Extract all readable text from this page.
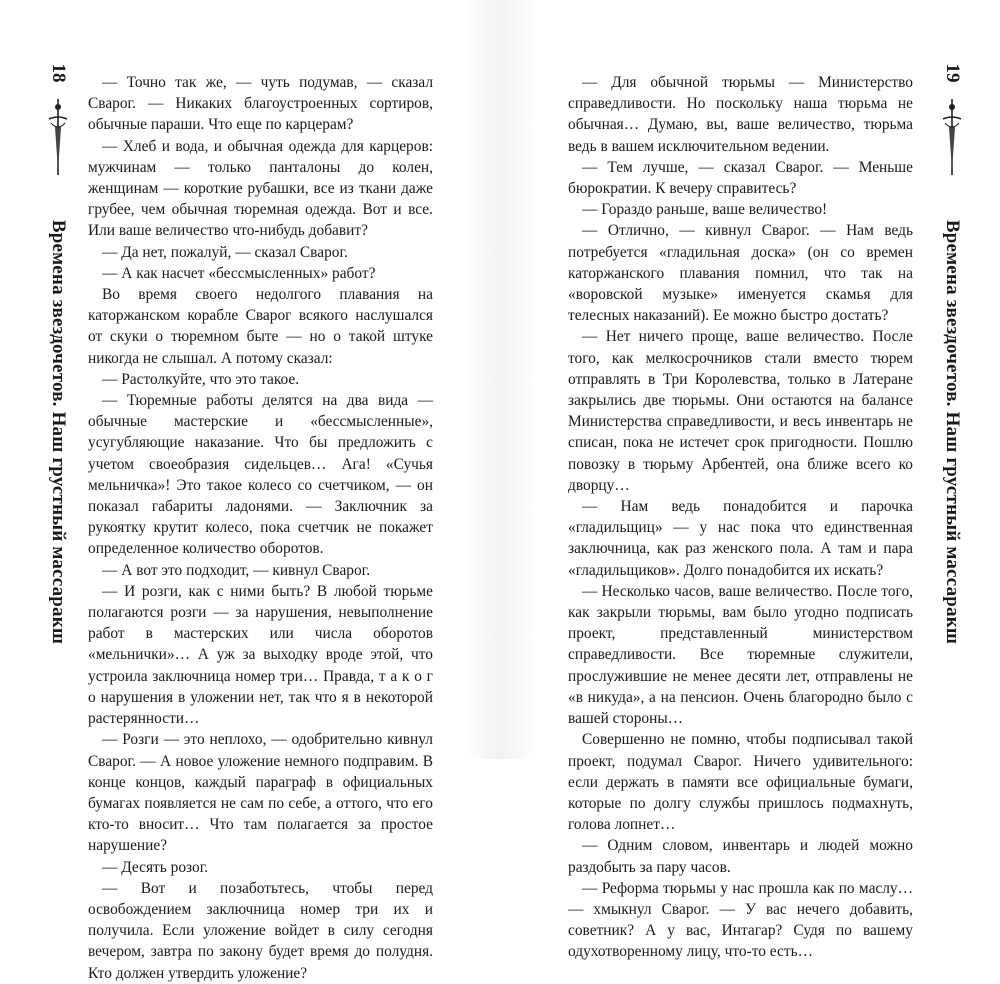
18
Времена звездочетов. Наш грустный массаракш

— Точно так же, — чуть подумав, — сказал Сварог. — Никаких благоустроенных сортиров, обычные параши. Что еще по карцерам?

— Хлеб и вода, и обычная одежда для карцеров: мужчинам — только панталоны до колен, женщинам — короткие рубашки, все из ткани даже грубее, чем обычная тюремная одежда. Вот и все. Или ваше величество что-нибудь добавит?

— Да нет, пожалуй, — сказал Сварог.

— А как насчет «бессмысленных» работ?

Во время своего недолгого плавания на каторжанском корабле Сварог всякого наслушался от скуки о тюремном быте — но о такой штуке никогда не слышал. А потому сказал:

— Растолкуйте, что это такое.

— Тюремные работы делятся на два вида — обычные мастерские и «бессмысленные», усугубляющие наказание. Что бы предложить с учетом своеобразия сидельцев… Ага! «Сучья мельничка»! Это такое колесо со счетчиком, — он показал габариты ладонями. — Заключник за рукоятку крутит колесо, пока счетчик не покажет определенное количество оборотов.

— А вот это подходит, — кивнул Сварог.

— И розги, как с ними быть? В любой тюрьме полагаются розги — за нарушения, невыполнение работ в мастерских или числа оборотов «мельнички»… А уж за выходку вроде этой, что устроила заключница номер три… Правда, т а к о г о нарушения в уложении нет, так что я в некоторой растерянности…

— Розги — это неплохо, — одобрительно кивнул Сварог. — А новое уложение немного подправим. В конце концов, каждый параграф в официальных бумагах появляется не сам по себе, а оттого, что его кто-то вносит… Что там полагается за простое нарушение?

— Десять розог.

— Вот и позаботьтесь, чтобы перед освобождением заключница номер три их и получила. Если уложение войдет в силу сегодня вечером, завтра по закону будет время до полудня. Кто должен утвердить уложение?

— Для обычной тюрьмы — Министерство справедливости. Но поскольку наша тюрьма не обычная… Думаю, вы, ваше величество, тюрьма ведь в вашем исключительном ведении.

— Тем лучше, — сказал Сварог. — Меньше бюрократии. К вечеру справитесь?

— Гораздо раньше, ваше величество!

— Отлично, — кивнул Сварог. — Нам ведь потребуется «гладильная доска» (он со времен каторжанского плавания помнил, что так на «воровской музыке» именуется скамья для телесных наказаний). Ее можно быстро достать?

— Нет ничего проще, ваше величество. После того, как мелкосрочников стали вместо тюрем отправлять в Три Королевства, только в Латеране закрылись две тюрьмы. Они остаются на балансе Министерства справедливости, и весь инвентарь не списан, пока не истечет срок пригодности. Пошлю повозку в тюрьму Арбентей, она ближе всего ко дворцу…

— Нам ведь понадобится и парочка «гладильщиц» — у нас пока что единственная заключница, как раз женского пола. А там и пара «гладильщиков». Долго понадобится их искать?

— Несколько часов, ваше величество. После того, как закрыли тюрьмы, вам было угодно подписать проект, представленный министерством справедливости. Все тюремные служители, прослужившие не менее десяти лет, отправлены не «в никуда», а на пенсион. Очень благородно было с вашей стороны…

Совершенно не помню, чтобы подписывал такой проект, подумал Сварог. Ничего удивительного: если держать в памяти все официальные бумаги, которые по долгу службы пришлось подмахнуть, голова лопнет…

— Одним словом, инвентарь и людей можно раздобыть за пару часов.

— Реформа тюрьмы у нас прошла как по маслу… — хмыкнул Сварог. — У вас нечего добавить, советник? А у вас, Интагар? Судя по вашему одухотворенному лицу, что-то есть…

19
Времена звездочетов. Наш грустный массаракш
